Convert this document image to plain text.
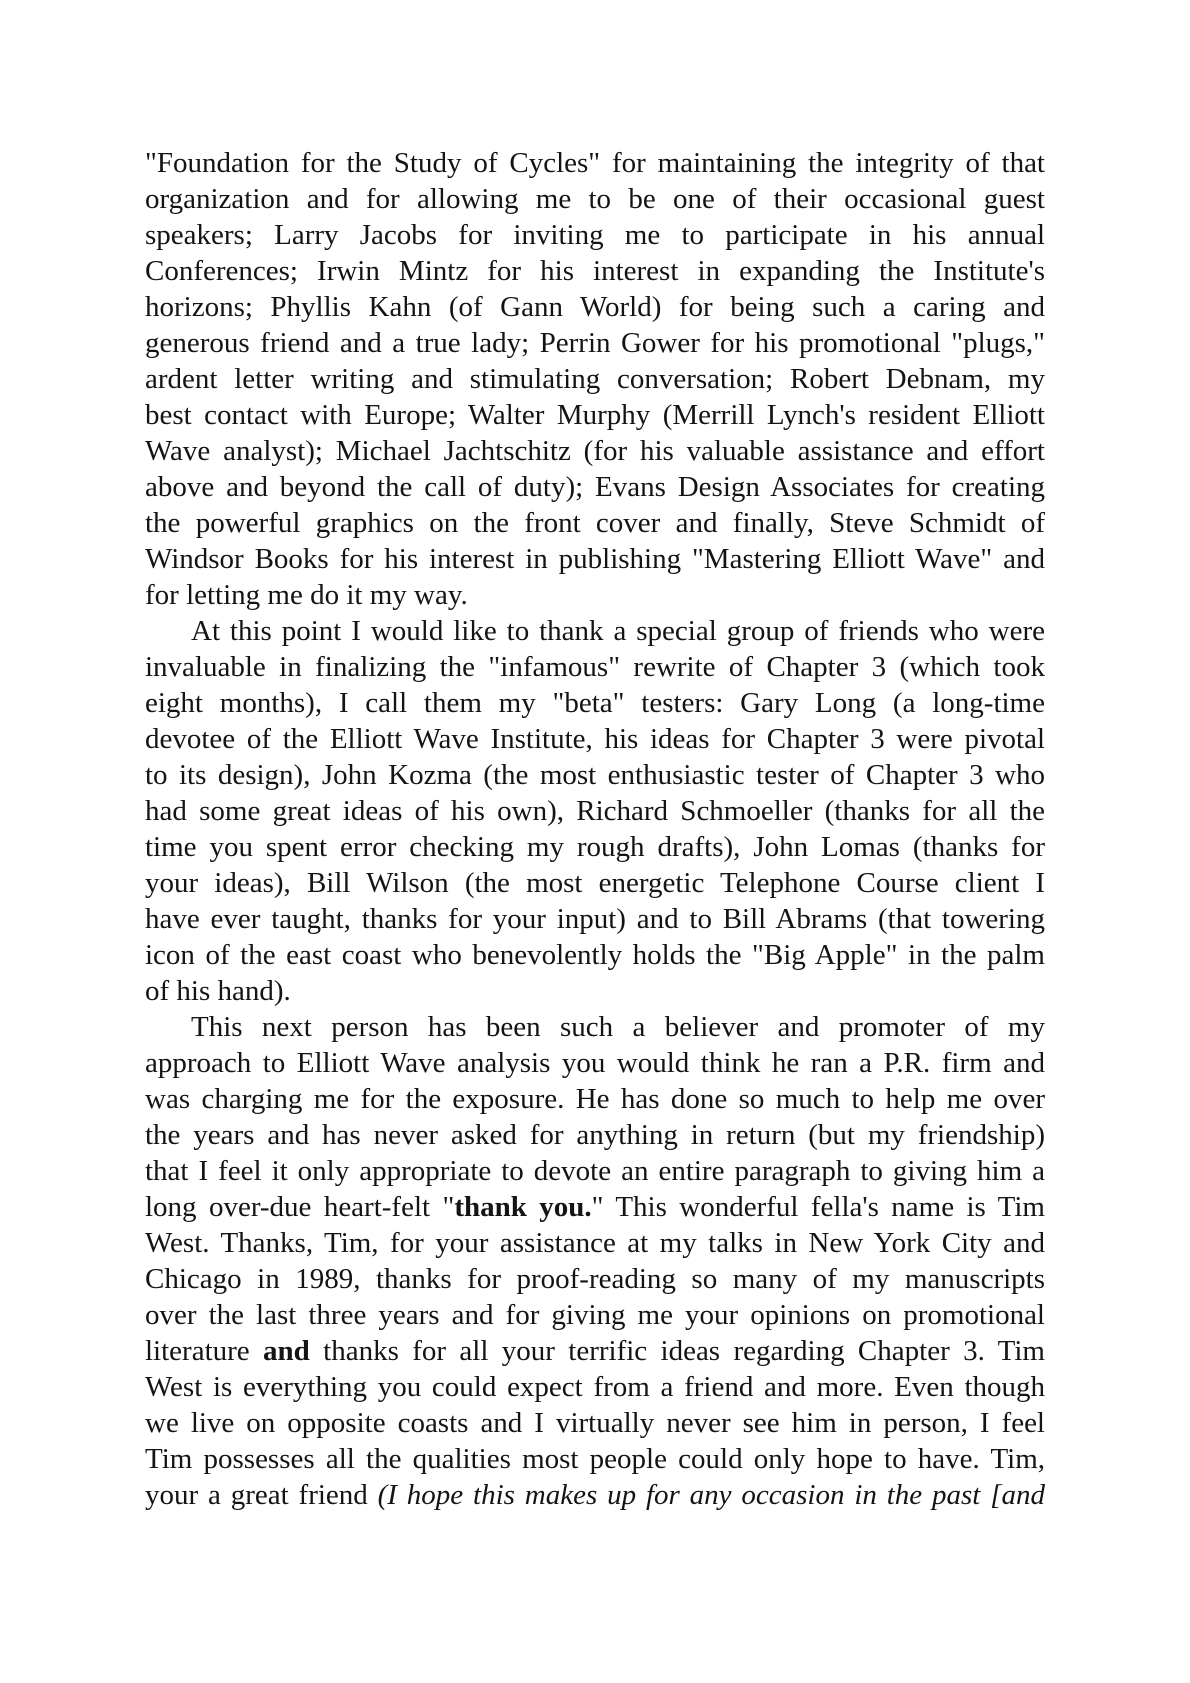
"Foundation for the Study of Cycles" for maintaining the integrity of that
organization and for allowing me to be one of their occasional guest
speakers; Larry Jacobs for inviting me to participate in his annual
Conferences; Irwin Mintz for his interest in expanding the Institute's
horizons; Phyllis Kahn (of Gann World) for being such a caring and
generous friend and a true lady; Perrin Gower for his promotional "plugs,"
ardent letter writing and stimulating conversation; Robert Debnam, my
best contact with Europe; Walter Murphy (Merrill Lynch's resident Elliott
Wave analyst); Michael Jachtschitz (for his valuable assistance and effort
above and beyond the call of duty); Evans Design Associates for creating
the powerful graphics on the front cover and finally, Steve Schmidt of
Windsor Books for his interest in publishing "Mastering Elliott Wave" and
for letting me do it my way.
At this point I would like to thank a special group of friends who were
invaluable in finalizing the "infamous" rewrite of Chapter 3 (which took
eight months), I call them my "beta" testers: Gary Long (a long-time
devotee of the Elliott Wave Institute, his ideas for Chapter 3 were pivotal
to its design), John Kozma (the most enthusiastic tester of Chapter 3 who
had some great ideas of his own), Richard Schmoeller (thanks for all the
time you spent error checking my rough drafts), John Lomas (thanks for
your ideas), Bill Wilson (the most energetic Telephone Course client I
have ever taught, thanks for your input) and to Bill Abrams (that towering
icon of the east coast who benevolently holds the "Big Apple" in the palm
of his hand).
This next person has been such a believer and promoter of my
approach to Elliott Wave analysis you would think he ran a P.R. firm and
was charging me for the exposure. He has done so much to help me over
the years and has never asked for anything in return (but my friendship)
that I feel it only appropriate to devote an entire paragraph to giving him a
long over-due heart-felt "thank you." This wonderful fella's name is Tim
West. Thanks, Tim, for your assistance at my talks in New York City and
Chicago in 1989, thanks for proof-reading so many of my manuscripts
over the last three years and for giving me your opinions on promotional
literature and thanks for all your terrific ideas regarding Chapter 3. Tim
West is everything you could expect from a friend and more. Even though
we live on opposite coasts and I virtually never see him in person, I feel
Tim possesses all the qualities most people could only hope to have. Tim,
your a great friend (I hope this makes up for any occasion in the past [and
